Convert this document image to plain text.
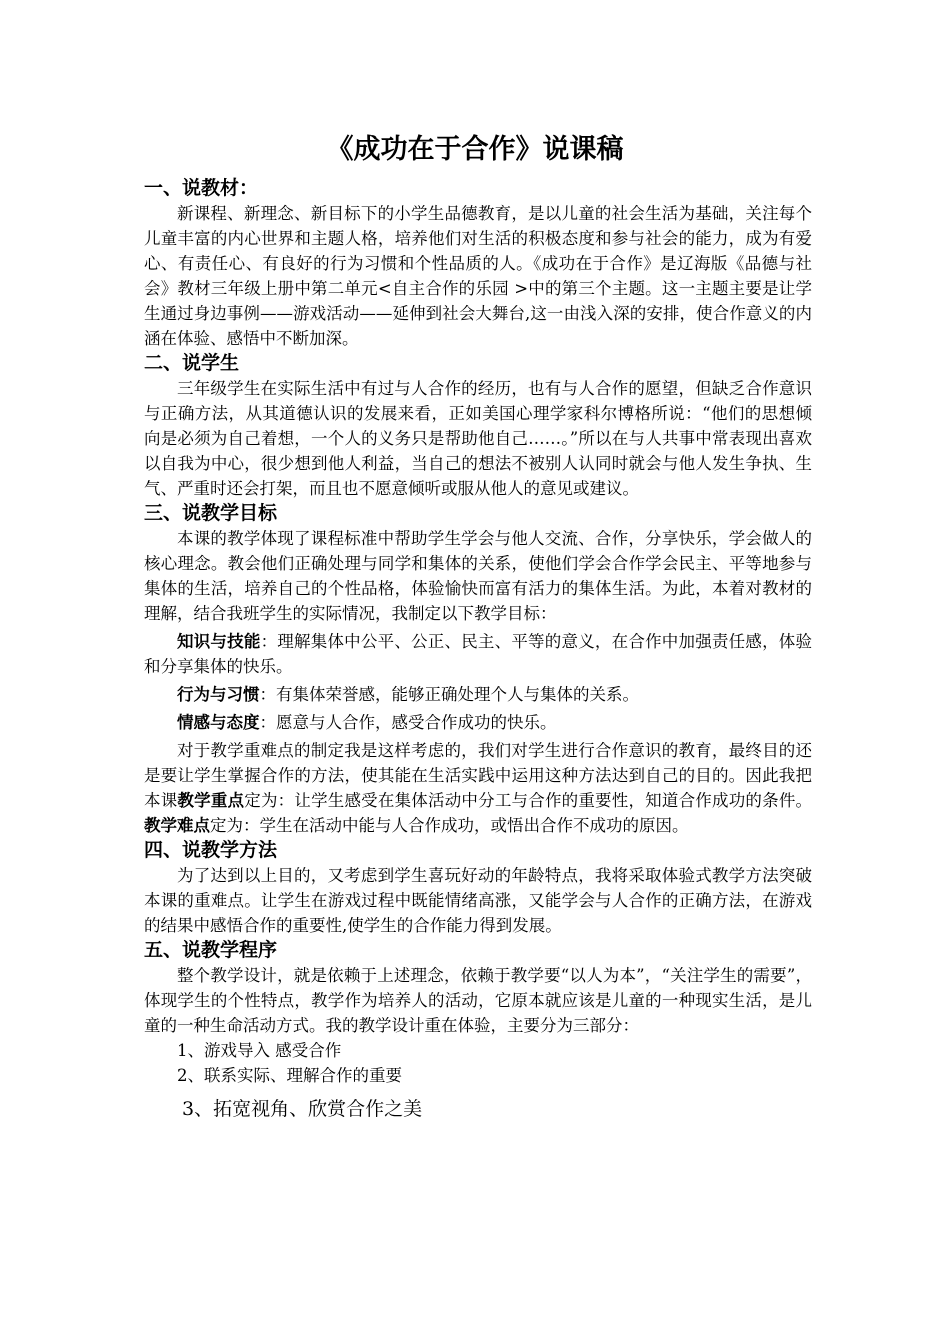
《成功在于合作》说课稿
一、说教材：

新课程、新理念、新目标下的小学生品德教育，是以儿童的社会生活为基础，关注每个儿童丰富的内心世界和主题人格，培养他们对生活的积极态度和参与社会的能力，成为有爱心、有责任心、有良好的行为习惯和个性品质的人。《成功在于合作》是辽海版《品德与社会》教材三年级上册中第二单元<自主合作的乐园 >中的第三个主题。这一主题主要是让学生通过身边事例——游戏活动——延伸到社会大舞台,这一由浅入深的安排，使合作意义的内涵在体验、感悟中不断加深。

二、说学生

三年级学生在实际生活中有过与人合作的经历，也有与人合作的愿望，但缺乏合作意识与正确方法，从其道德认识的发展来看，正如美国心理学家科尔博格所说：“他们的思想倾向是必须为自己着想，一个人的义务只是帮助他自己……。”所以在与人共事中常表现出喜欢以自我为中心，很少想到他人利益，当自己的想法不被别人认同时就会与他人发生争执、生气、严重时还会打架，而且也不愿意倾听或服从他人的意见或建议。

三、说教学目标

本课的教学体现了课程标准中帮助学生学会与他人交流、合作，分享快乐，学会做人的核心理念。教会他们正确处理与同学和集体的关系，使他们学会合作学会民主、平等地参与集体的生活，培养自己的个性品格，体验愉快而富有活力的集体生活。为此，本着对教材的理解，结合我班学生的实际情况，我制定以下教学目标：

知识与技能：理解集体中公平、公正、民主、平等的意义，在合作中加强责任感，体验和分享集体的快乐。

行为与习惯：有集体荣誉感，能够正确处理个人与集体的关系。

情感与态度：愿意与人合作，感受合作成功的快乐。

对于教学重难点的制定我是这样考虑的，我们对学生进行合作意识的教育，最终目的还是要让学生掌握合作的方法，使其能在生活实践中运用这种方法达到自己的目的。因此我把本课教学重点定为：让学生感受在集体活动中分工与合作的重要性，知道合作成功的条件。教学难点定为：学生在活动中能与人合作成功，或悟出合作不成功的原因。

四、说教学方法

为了达到以上目的，又考虑到学生喜玩好动的年龄特点，我将采取体验式教学方法突破本课的重难点。让学生在游戏过程中既能情绪高涨，又能学会与人合作的正确方法，在游戏的结果中感悟合作的重要性,使学生的合作能力得到发展。

五、说教学程序

整个教学设计，就是依赖于上述理念，依赖于教学要“以人为本”，“关注学生的需要”，体现学生的个性特点，教学作为培养人的活动，它原本就应该是儿童的一种现实生活，是儿童的一种生命活动方式。我的教学设计重在体验，主要分为三部分：

1、游戏导入 感受合作
2、联系实际、理解合作的重要
3、拓宽视角、欣赏合作之美
